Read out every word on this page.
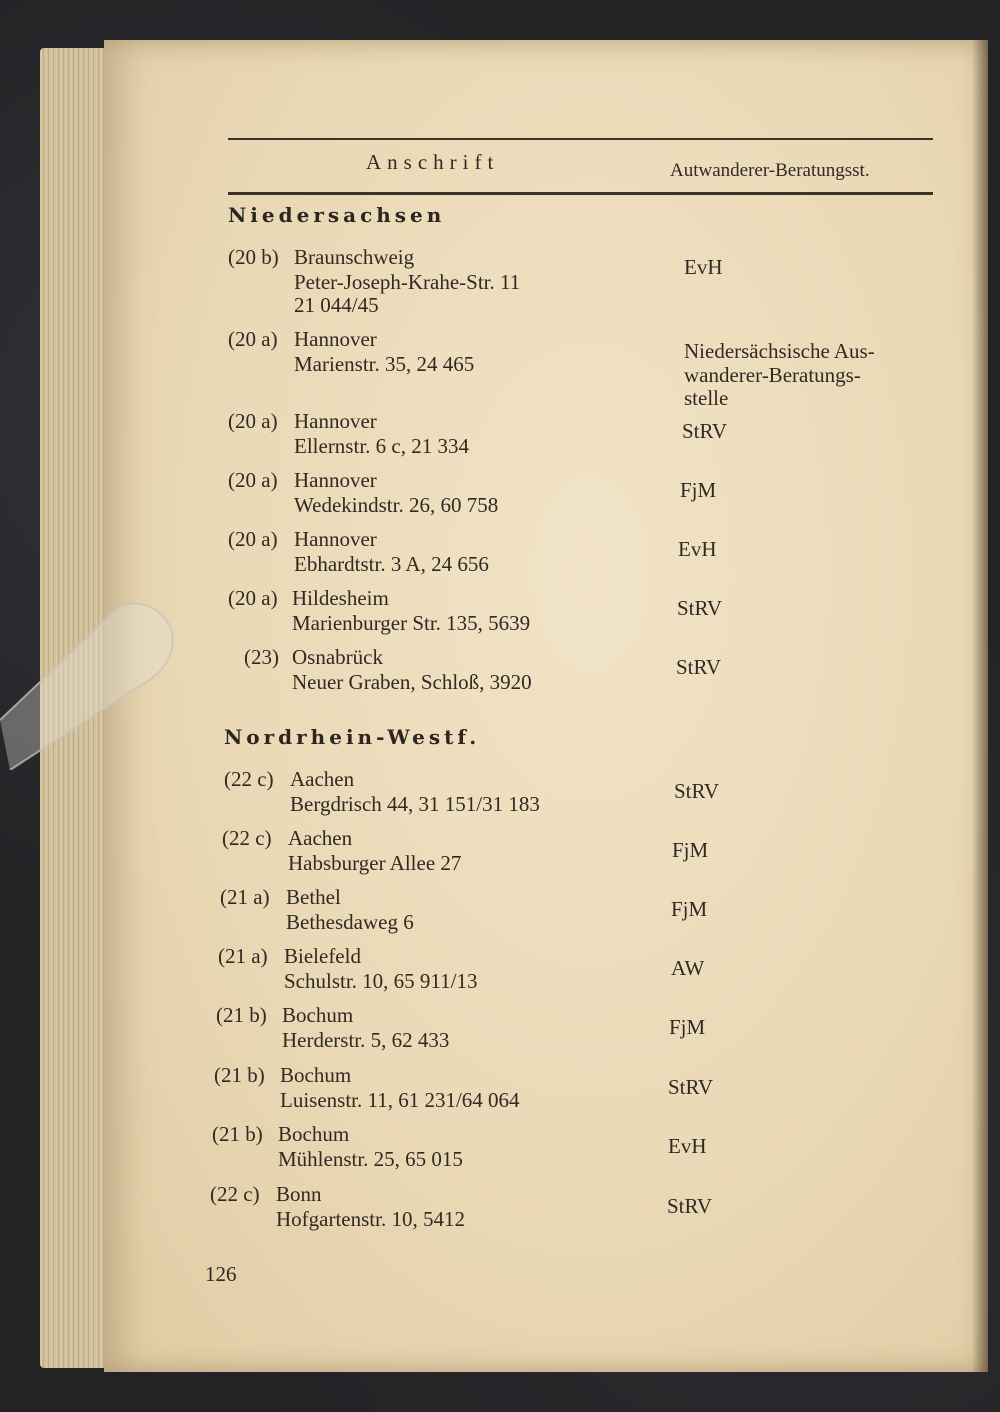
Anschrift	Autwanderer-Beratungsst.
Niedersachsen
(20 b) Braunschweig
Peter-Joseph-Krahe-Str. 11
21 044/45
EvH
(20 a) Hannover
Marienstr. 35, 24 465
Niedersächsische Aus-
wanderer-Beratungs-
stelle
(20 a) Hannover
Ellernstr. 6 c, 21 334
StRV
(20 a) Hannover
Wedekindstr. 26, 60 758
FjM
(20 a) Hannover
Ebhardtstr. 3 A, 24 656
EvH
(20 a) Hildesheim
Marienburger Str. 135, 5639
StRV
(23) Osnabrück
Neuer Graben, Schloß, 3920
StRV
Nordrhein-Westf.
(22 c) Aachen
Bergdrisch 44, 31 151/31 183
StRV
(22 c) Aachen
Habsburger Allee 27
FjM
(21 a) Bethel
Bethesdaweg 6
FjM
(21 a) Bielefeld
Schulstr. 10, 65 911/13
AW
(21 b) Bochum
Herderstr. 5, 62 433
FjM
(21 b) Bochum
Luisenstr. 11, 61 231/64 064
StRV
(21 b) Bochum
Mühlenstr. 25, 65 015
EvH
(22 c) Bonn
Hofgartenstr. 10, 5412
StRV
126
